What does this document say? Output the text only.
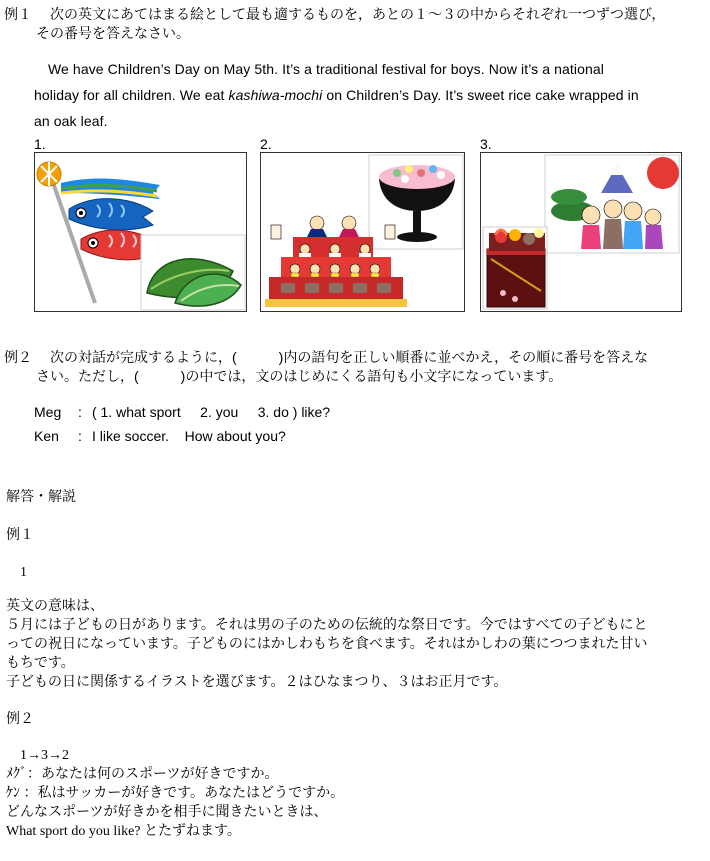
例１ 次の英文にあてはまる絵として最も適するものを，あとの１～３の中からそれぞれ一つずつ選び，
その番号を答えなさい。
We have Children’s Day on May 5th. It’s a traditional festival for boys. Now it’s a national
holiday for all children. We eat kashiwa-mochi on Children’s Day. It’s sweet rice cake wrapped in
an oak leaf.
1.	2.	3.
例２ 次の対話が完成するように，(　　　)内の語句を正しい順番に並べかえ，その順に番号を答えな
さい。ただし，(　　　)の中では，文のはじめにくる語句も小文字になっています。
Meg : ( 1. what sport     2. you     3. do ) like?
Ken : I like soccer.    How about you?
解答・解説
例１
1
英文の意味は、
５月には子どもの日があります。それは男の子のための伝統的な祭日です。今ではすべての子どもにと
っての祝日になっています。子どものにはかしわもちを食べます。それはかしわの葉につつまれた甘い
もちです。
子どもの日に関係するイラストを選びます。２はひなまつり、３はお正月です。
例２
1→3→2
ﾒｸﾞ：あなたは何のスポーツが好きですか。
ｹﾝ ：私はサッカーが好きです。あなたはどうですか。
どんなスポーツが好きかを相手に聞きたいときは、
What sport do you like? とたずねます。
